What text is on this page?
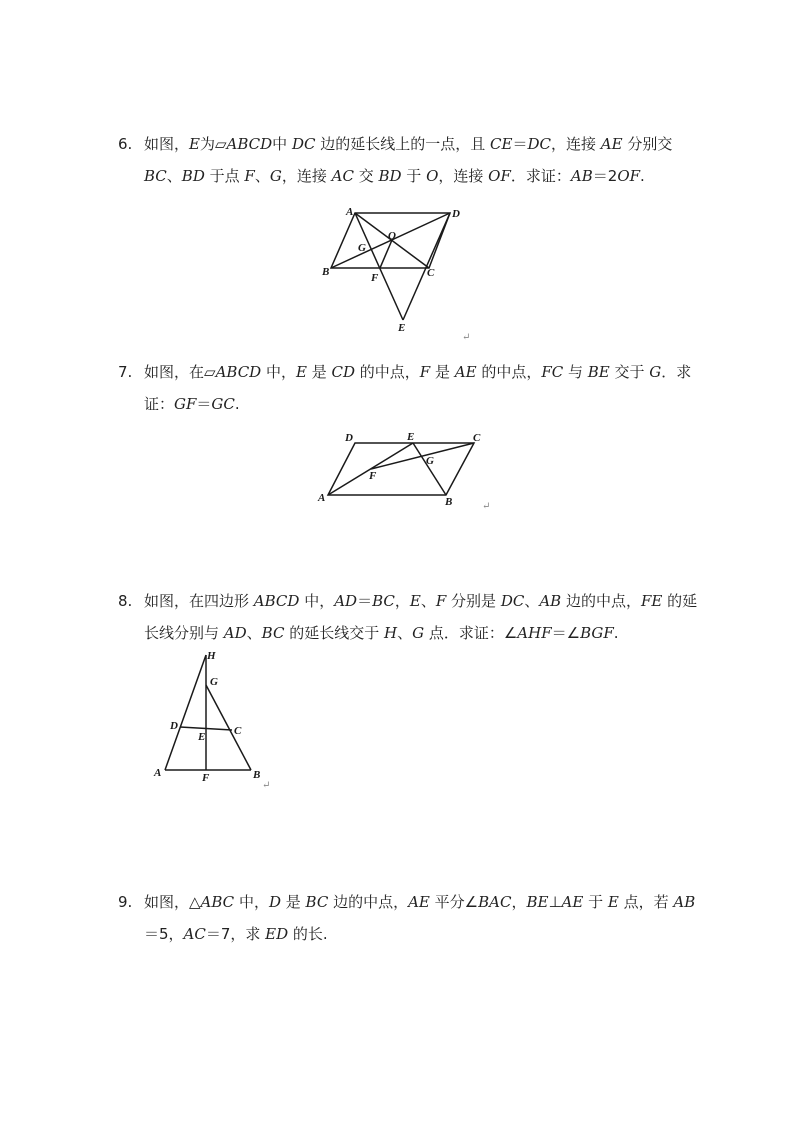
6. 如图，E为▱ABCD中 DC 边的延长线上的一点，且 CE＝DC，连接 AE 分别交
BC、BD 于点 F、G，连接 AC 交 BD 于 O，连接 OF．求证：AB＝2OF.
A	D
B	C
F
G
O
E
↵
7. 如图，在▱ABCD 中，E 是 CD 的中点，F 是 AE 的中点，FC 与 BE 交于 G．求
证：GF＝GC.
D	E	C
F
G
A	B	↵
8. 如图，在四边形 ABCD 中，AD＝BC，E、F 分别是 DC、AB 边的中点，FE 的延
长线分别与 AD、BC 的延长线交于 H、G 点．求证：∠AHF＝∠BGF.
H
G
D
E	C
A	F	B
↵
9. 如图，△ABC 中，D 是 BC 边的中点，AE 平分∠BAC，BE⊥AE 于 E 点，若 AB
＝5，AC＝7，求 ED 的长.
